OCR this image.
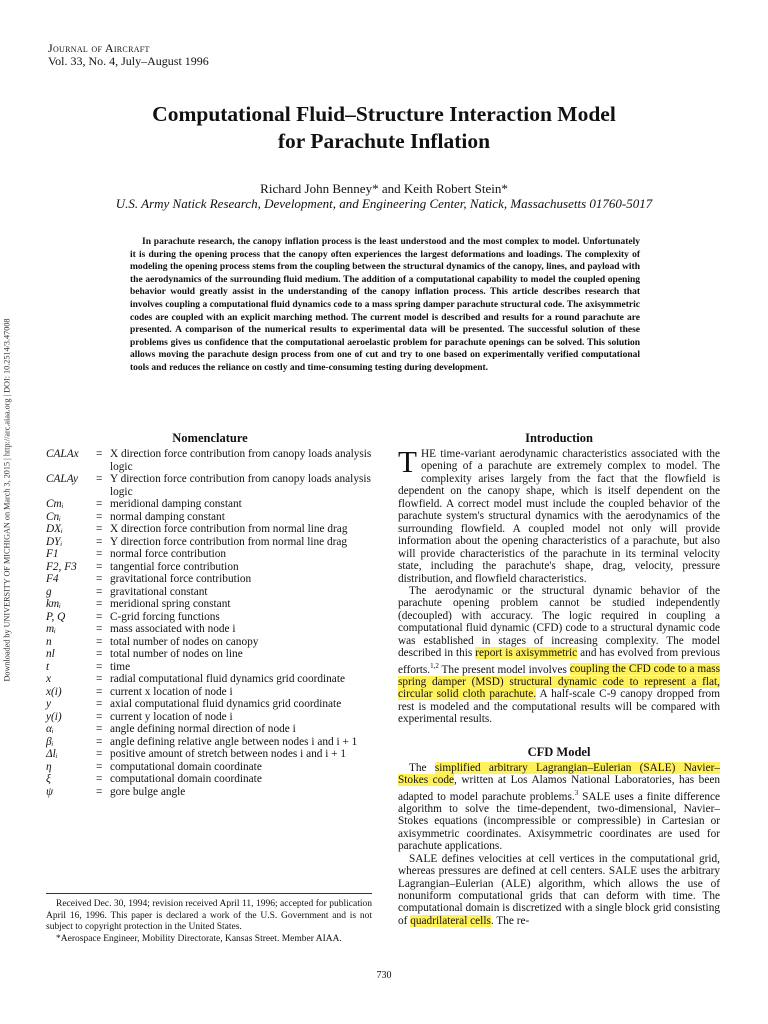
Journal of Aircraft
Vol. 33, No. 4, July–August 1996
Computational Fluid–Structure Interaction Model
for Parachute Inflation
Richard John Benney* and Keith Robert Stein*
U.S. Army Natick Research, Development, and Engineering Center, Natick, Massachusetts 01760-5017

In parachute research, the canopy inflation process is the least understood and the most complex to model. Unfortunately it is during the opening process that the canopy often experiences the largest deformations and loadings. The complexity of modeling the opening process stems from the coupling between the structural dynamics of the canopy, lines, and payload with the aerodynamics of the surrounding fluid medium. The addition of a computational capability to model the coupled opening behavior would greatly assist in the understanding of the canopy inflation process. This article describes research that involves coupling a computational fluid dynamics code to a mass spring damper parachute structural code. The axisymmetric codes are coupled with an explicit marching method. The current model is described and results for a round parachute are presented. A comparison of the numerical results to experimental data will be presented. The successful solution of these problems gives us confidence that the computational aeroelastic problem for parachute openings can be solved. This solution allows moving the parachute design process from one of cut and try to one based on experimentally verified computational tools and reduces the reliance on costly and time-consuming testing during development.

Downloaded by UNIVERSITY OF MICHIGAN on March 3, 2015 | http://arc.aiaa.org | DOI: 10.2514/3.47008	Nomenclature
CALAx	=	X direction force contribution from canopy loads analysis logic
CALAy	=	Y direction force contribution from canopy loads analysis logic
Cmᵢ	=	meridional damping constant
Cnᵢ	=	normal damping constant
DXᵢ	=	X direction force contribution from normal line drag
DYᵢ	=	Y direction force contribution from normal line drag
F1	=	normal force contribution
F2, F3	=	tangential force contribution
F4	=	gravitational force contribution
g	=	gravitational constant
kmᵢ	=	meridional spring constant
P, Q	=	C-grid forcing functions
mᵢ	=	mass associated with node i
n	=	total number of nodes on canopy
nl	=	total number of nodes on line
t	=	time
x	=	radial computational fluid dynamics grid coordinate
x(i)	=	current x location of node i
y	=	axial computational fluid dynamics grid coordinate
y(i)	=	current y location of node i
αᵢ	=	angle defining normal direction of node i
βᵢ	=	angle defining relative angle between nodes i and i + 1
Δlᵢ	=	positive amount of stretch between nodes i and i + 1
η	=	computational domain coordinate
ξ	=	computational domain coordinate
ψ	=	gore bulge angle
Introduction

THE time-variant aerodynamic characteristics associated with the opening of a parachute are extremely complex to model. The complexity arises largely from the fact that the flowfield is dependent on the canopy shape, which is itself dependent on the flowfield. A correct model must include the coupled behavior of the parachute system's structural dynamics with the aerodynamics of the surrounding flowfield. A coupled model not only will provide information about the opening characteristics of a parachute, but also will provide characteristics of the parachute in its terminal velocity state, including the parachute's shape, drag, velocity, pressure distribution, and flowfield characteristics.

The aerodynamic or the structural dynamic behavior of the parachute opening problem cannot be studied independently (decoupled) with accuracy. The logic required in coupling a computational fluid dynamic (CFD) code to a structural dynamic code was established in stages of increasing complexity. The model described in this report is axisymmetric and has evolved from previous efforts.$^{1,2}$ The present model involves coupling the CFD code to a mass spring damper (MSD) structural dynamic code to represent a flat, circular solid cloth parachute. A half-scale C-9 canopy dropped from rest is modeled and the computational results will be compared with experimental results.

CFD Model

The simplified arbitrary Lagrangian–Eulerian (SALE) Navier–Stokes code, written at Los Alamos National Laboratories, has been adapted to model parachute problems.$^3$ SALE uses a finite difference algorithm to solve the time-dependent, two-dimensional, Navier–Stokes equations (incompressible or compressible) in Cartesian or axisymmetric coordinates. Axisymmetric coordinates are used for parachute applications.

SALE defines velocities at cell vertices in the computational grid, whereas pressures are defined at cell centers. SALE uses the arbitrary Lagrangian–Eulerian (ALE) algorithm, which allows the use of nonuniform computational grids that can deform with time. The computational domain is discretized with a single block grid consisting of quadrilateral cells. The re-

Received Dec. 30, 1994; revision received April 11, 1996; accepted for publication April 16, 1996. This paper is declared a work of the U.S. Government and is not subject to copyright protection in the United States.

*Aerospace Engineer, Mobility Directorate, Kansas Street. Member AIAA.

730
